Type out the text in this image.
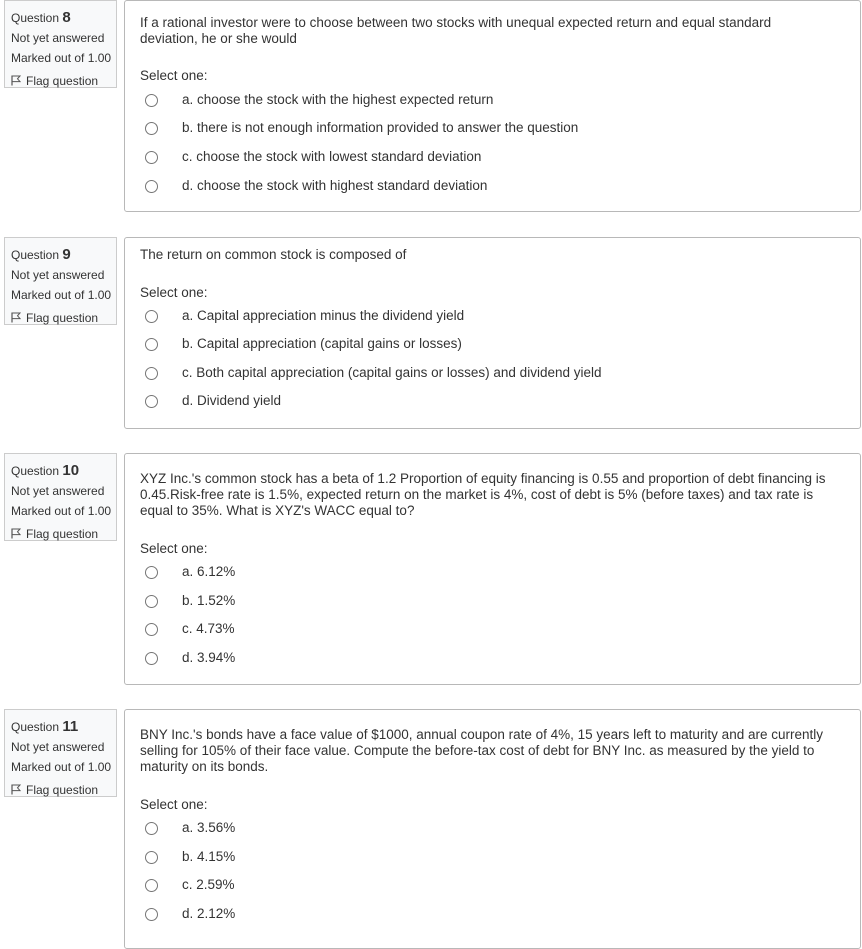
Question 8
Not yet answered
Marked out of 1.00
Flag question
If a rational investor were to choose between two stocks with unequal expected return and equal standard deviation, he or she would
Select one:
a. choose the stock with the highest expected return
b. there is not enough information provided to answer the question
c. choose the stock with lowest standard deviation
d. choose the stock with highest standard deviation
Question 9
Not yet answered
Marked out of 1.00
Flag question
The return on common stock is composed of
Select one:
a. Capital appreciation minus the dividend yield
b. Capital appreciation (capital gains or losses)
c. Both capital appreciation (capital gains or losses) and dividend yield
d. Dividend yield
Question 10
Not yet answered
Marked out of 1.00
Flag question
XYZ Inc.'s common stock has a beta of 1.2 Proportion of equity financing is 0.55 and proportion of debt financing is 0.45.Risk-free rate is 1.5%, expected return on the market is 4%, cost of debt is 5% (before taxes) and tax rate is equal to 35%. What is XYZ's WACC equal to?
Select one:
a. 6.12%
b. 1.52%
c. 4.73%
d. 3.94%
Question 11
Not yet answered
Marked out of 1.00
Flag question
BNY Inc.'s bonds have a face value of $1000, annual coupon rate of 4%, 15 years left to maturity and are currently selling for 105% of their face value. Compute the before-tax cost of debt for BNY Inc. as measured by the yield to maturity on its bonds.
Select one:
a. 3.56%
b. 4.15%
c. 2.59%
d. 2.12%
